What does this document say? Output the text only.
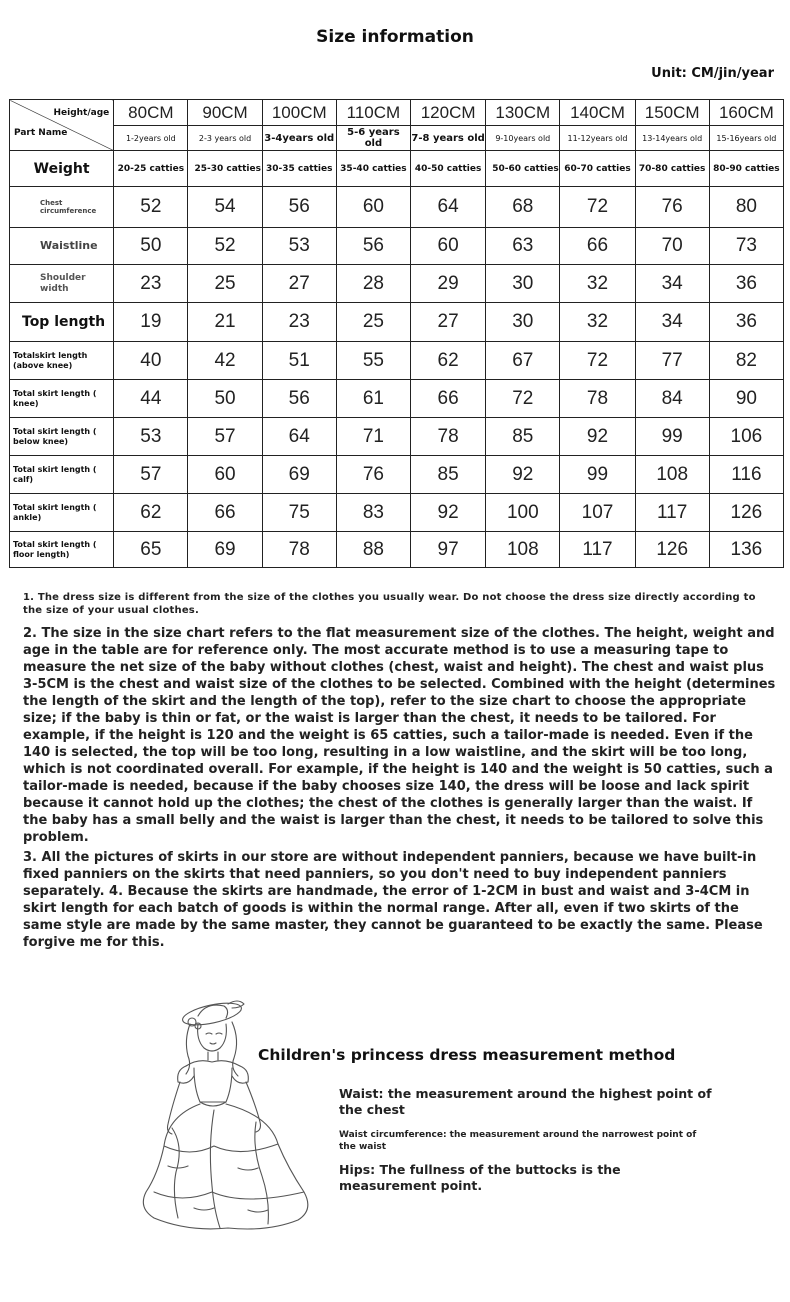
Size information
Unit: CM/jin/year
Height/age
Part Name	80CM	90CM	100CM	110CM	120CM	130CM	140CM	150CM	160CM
	1-2years old	2-3 years old	3-4years old	5-6 years old	7-8 years old	9-10years old	11-12years old	13-14years old	15-16years old
Weight	20-25 catties	25-30 catties	30-35 catties	35-40 catties	40-50 catties	50-60 catties	60-70 catties	70-80 catties	80-90 catties
Chest circumference	52	54	56	60	64	68	72	76	80
Waistline	50	52	53	56	60	63	66	70	73
Shoulder width	23	25	27	28	29	30	32	34	36
Top length	19	21	23	25	27	30	32	34	36
Totalskirt length (above knee)	40	42	51	55	62	67	72	77	82
Total skirt length ( knee)	44	50	56	61	66	72	78	84	90
Total skirt length ( below knee)	53	57	64	71	78	85	92	99	106
Total skirt length ( calf)	57	60	69	76	85	92	99	108	116
Total skirt length ( ankle)	62	66	75	83	92	100	107	117	126
Total skirt length ( floor length)	65	69	78	88	97	108	117	126	136
1. The dress size is different from the size of the clothes you usually wear. Do not choose the dress size directly according to the size of your usual clothes.
2. The size in the size chart refers to the flat measurement size of the clothes. The height, weight and age in the table are for reference only. The most accurate method is to use a measuring tape to measure the net size of the baby without clothes (chest, waist and height). The chest and waist plus 3-5CM is the chest and waist size of the clothes to be selected. Combined with the height (determines the length of the skirt and the length of the top), refer to the size chart to choose the appropriate size; if the baby is thin or fat, or the waist is larger than the chest, it needs to be tailored. For example, if the height is 120 and the weight is 65 catties, such a tailor-made is needed. Even if the 140 is selected, the top will be too long, resulting in a low waistline, and the skirt will be too long, which is not coordinated overall. For example, if the height is 140 and the weight is 50 catties, such a tailor-made is needed, because if the baby chooses size 140, the dress will be loose and lack spirit because it cannot hold up the clothes; the chest of the clothes is generally larger than the waist. If the baby has a small belly and the waist is larger than the chest, it needs to be tailored to solve this problem.
3. All the pictures of skirts in our store are without independent panniers, because we have built-in fixed panniers on the skirts that need panniers, so you don't need to buy independent panniers separately. 4. Because the skirts are handmade, the error of 1-2CM in bust and waist and 3-4CM in skirt length for each batch of goods is within the normal range. After all, even if two skirts of the same style are made by the same master, they cannot be guaranteed to be exactly the same. Please forgive me for this.
Children's princess dress measurement method
Waist: the measurement around the highest point of the chest
Waist circumference: the measurement around the narrowest point of the waist
Hips: The fullness of the buttocks is the measurement point.
